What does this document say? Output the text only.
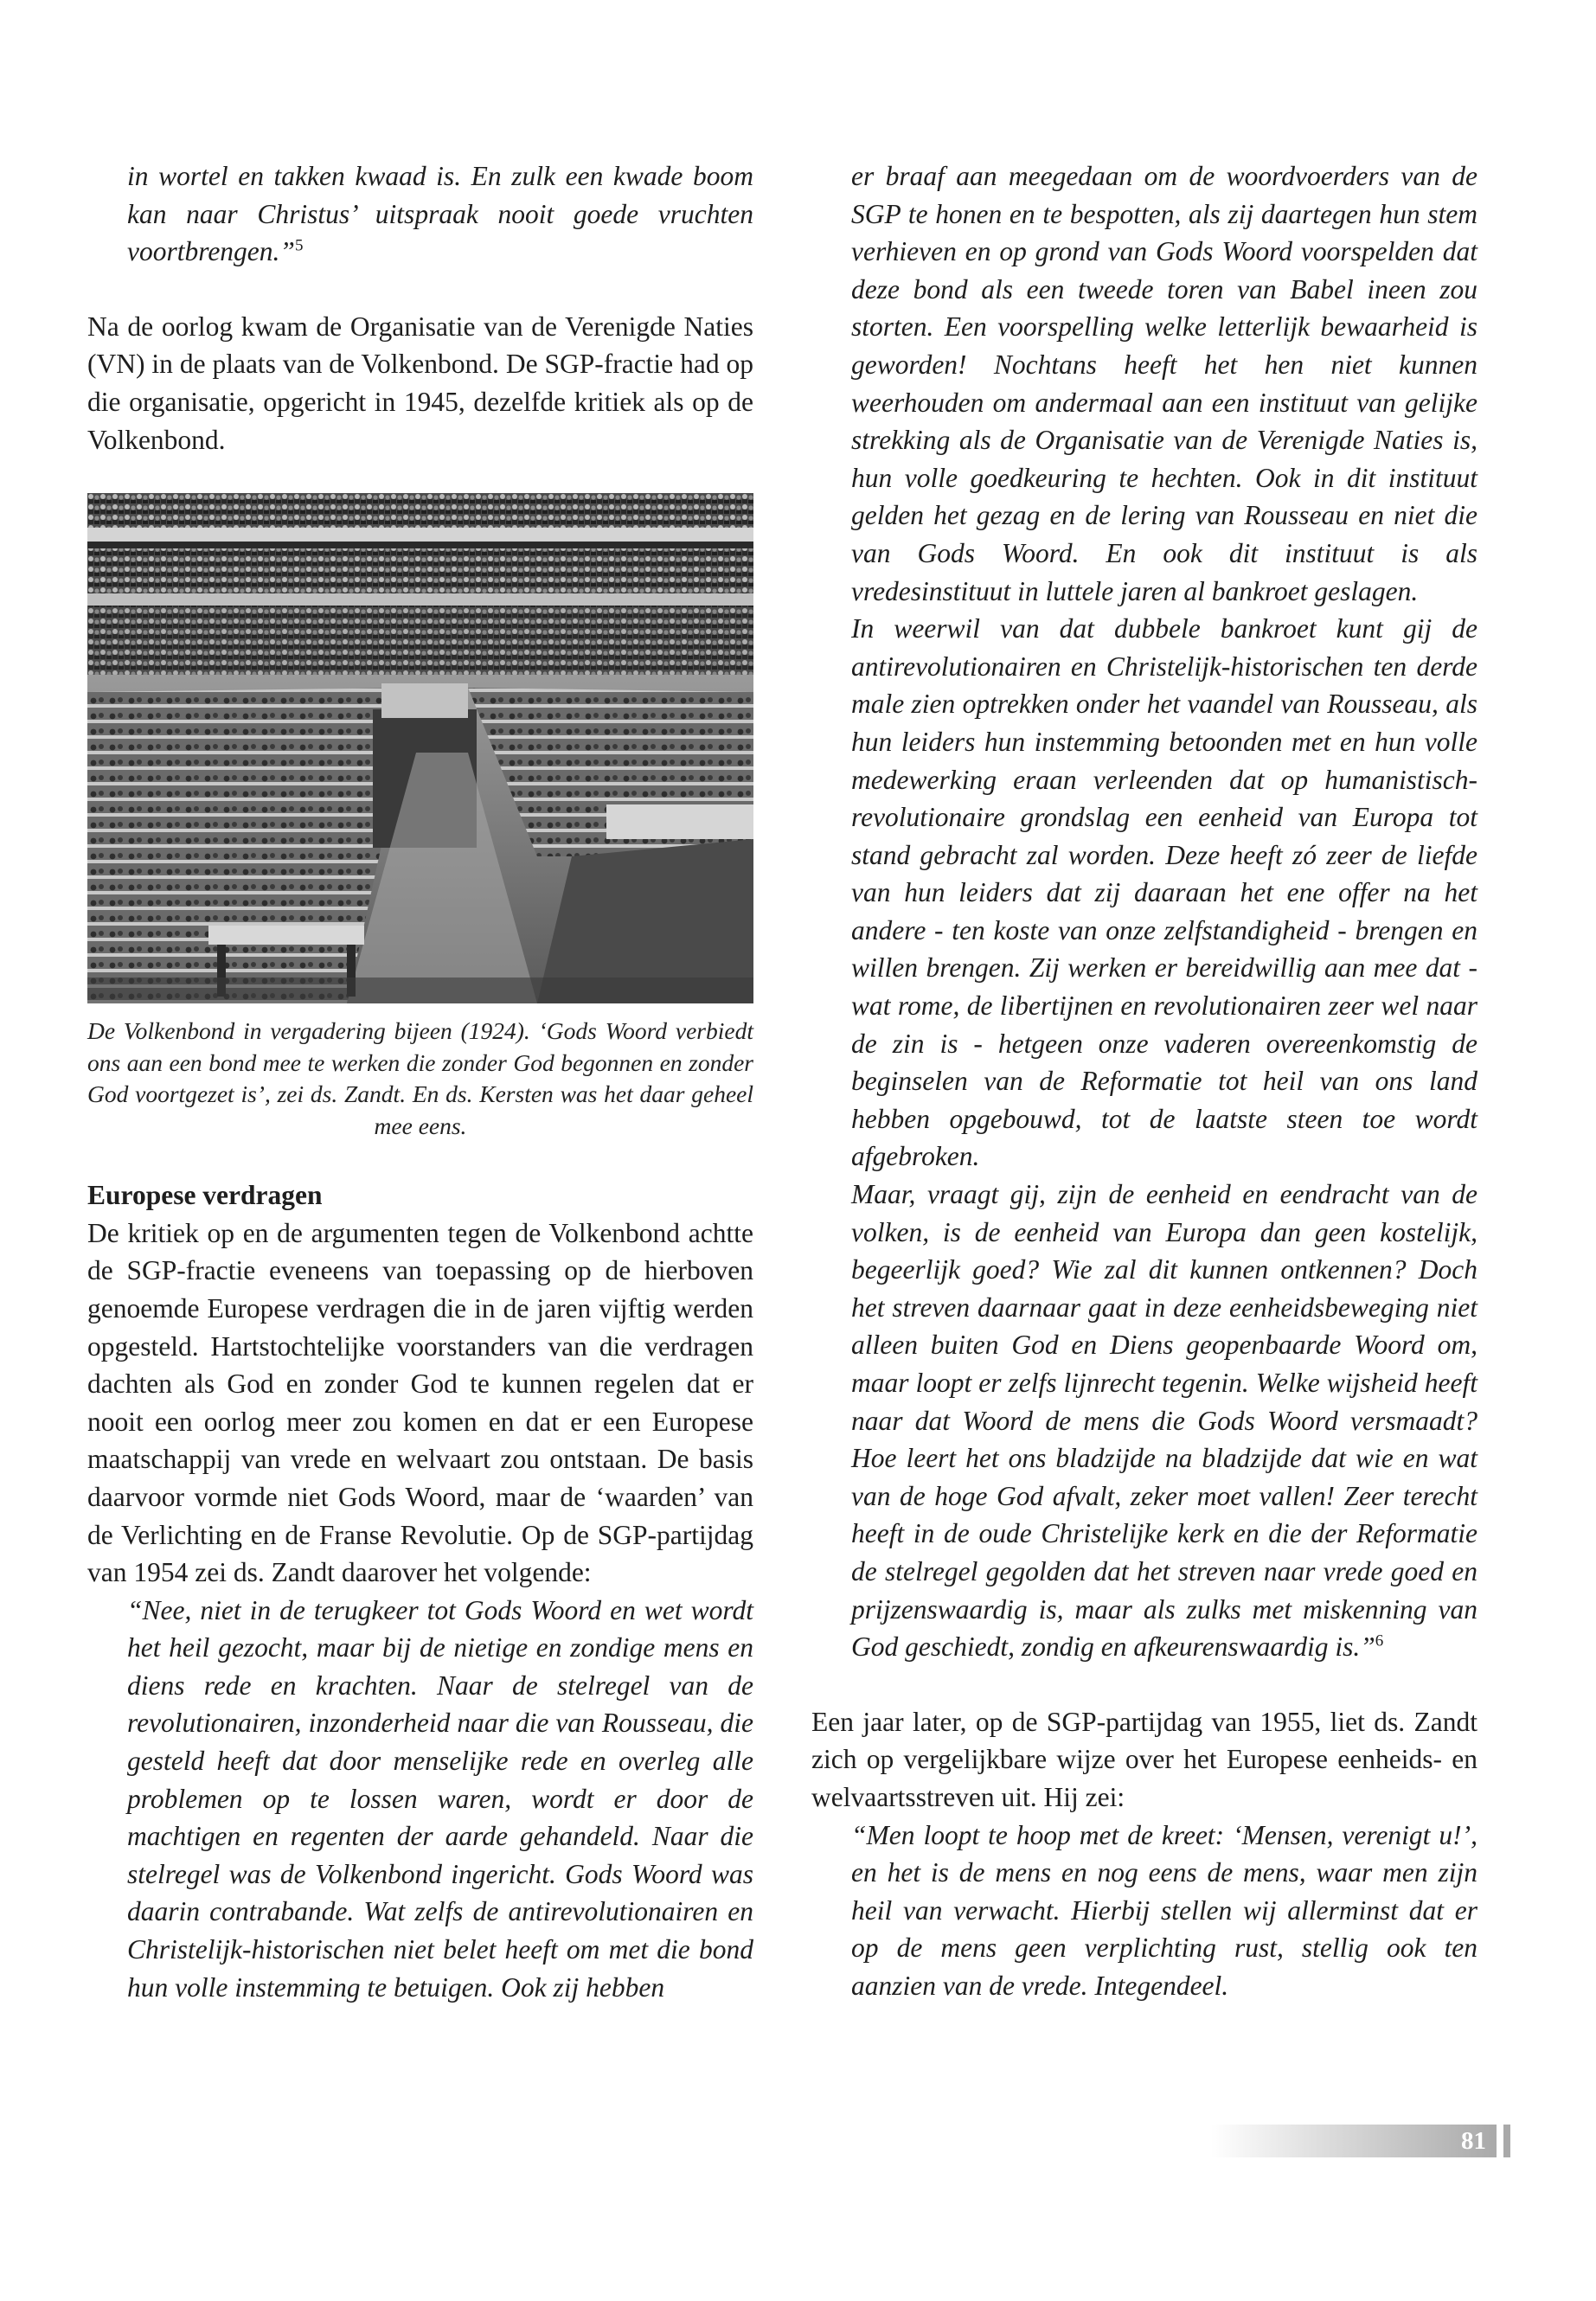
in wortel en takken kwaad is. En zulk een kwade boom kan naar Christus’ uitspraak nooit goede vruchten voortbrengen.”$^5$

Na de oorlog kwam de Organisatie van de Verenigde Naties (VN) in de plaats van de Volkenbond. De SGP-fractie had op die organisatie, opgericht in 1945, dezelfde kritiek als op de Volkenbond.

De Volkenbond in vergadering bijeen (1924). ‘Gods Woord verbiedt ons aan een bond mee te werken die zonder God begonnen en zonder God voortgezet is’, zei ds. Zandt. En ds. Kersten was het daar geheel mee eens.

Europese verdragen

De kritiek op en de argumenten tegen de Volkenbond achtte de SGP-fractie eveneens van toepassing op de hierboven genoemde Europese verdragen die in de jaren vijftig werden opgesteld. Hartstochtelijke voorstanders van die verdragen dachten als God en zonder God te kunnen regelen dat er nooit een oorlog meer zou komen en dat er een Europese maatschappij van vrede en welvaart zou ontstaan. De basis daarvoor vormde niet Gods Woord, maar de ‘waarden’ van de Verlichting en de Franse Revolutie. Op de SGP-partijdag van 1954 zei ds. Zandt daarover het volgende:

“Nee, niet in de terugkeer tot Gods Woord en wet wordt het heil gezocht, maar bij de nietige en zondige mens en diens rede en krachten. Naar de stelregel van de revolutionairen, inzonderheid naar die van Rousseau, die gesteld heeft dat door menselijke rede en overleg alle problemen op te lossen waren, wordt er door de machtigen en regenten der aarde gehandeld. Naar die stelregel was de Volkenbond ingericht. Gods Woord was daarin contrabande. Wat zelfs de antirevolutionairen en Christelijk-historischen niet belet heeft om met die bond hun volle instemming te betuigen. Ook zij hebben

er braaf aan meegedaan om de woordvoerders van de SGP te honen en te bespotten, als zij daartegen hun stem verhieven en op grond van Gods Woord voorspelden dat deze bond als een tweede toren van Babel ineen zou storten. Een voorspelling welke letterlijk bewaarheid is geworden! Nochtans heeft het hen niet kunnen weerhouden om andermaal aan een instituut van gelijke strekking als de Organisatie van de Verenigde Naties is, hun volle goedkeuring te hechten. Ook in dit instituut gelden het gezag en de lering van Rousseau en niet die van Gods Woord. En ook dit instituut is als vredesinstituut in luttele jaren al bankroet geslagen.

In weerwil van dat dubbele bankroet kunt gij de antirevolutionairen en Christelijk-historischen ten derde male zien optrekken onder het vaandel van Rousseau, als hun leiders hun instemming betoonden met en hun volle medewerking eraan verleenden dat op humanistisch-revolutionaire grondslag een eenheid van Europa tot stand gebracht zal worden. Deze heeft zó zeer de liefde van hun leiders dat zij daaraan het ene offer na het andere - ten koste van onze zelfstandigheid - brengen en willen brengen. Zij werken er bereidwillig aan mee dat - wat rome, de libertijnen en revolutionairen zeer wel naar de zin is - hetgeen onze vaderen overeenkomstig de beginselen van de Reformatie tot heil van ons land hebben opgebouwd, tot de laatste steen toe wordt afgebroken.

Maar, vraagt gij, zijn de eenheid en eendracht van de volken, is de eenheid van Europa dan geen kostelijk, begeerlijk goed? Wie zal dit kunnen ontkennen? Doch het streven daarnaar gaat in deze eenheidsbeweging niet alleen buiten God en Diens geopenbaarde Woord om, maar loopt er zelfs lijnrecht tegenin. Welke wijsheid heeft naar dat Woord de mens die Gods Woord versmaadt? Hoe leert het ons bladzijde na bladzijde dat wie en wat van de hoge God afvalt, zeker moet vallen! Zeer terecht heeft in de oude Christelijke kerk en die der Reformatie de stelregel gegolden dat het streven naar vrede goed en prijzenswaardig is, maar als zulks met miskenning van God geschiedt, zondig en afkeurenswaardig is.”$^6$

Een jaar later, op de SGP-partijdag van 1955, liet ds. Zandt zich op vergelijkbare wijze over het Europese eenheids- en welvaartsstreven uit. Hij zei:

“Men loopt te hoop met de kreet: ‘Mensen, verenigt u!’, en het is de mens en nog eens de mens, waar men zijn heil van verwacht. Hierbij stellen wij allerminst dat er op de mens geen verplichting rust, stellig ook ten aanzien van de vrede. Integendeel.

81
